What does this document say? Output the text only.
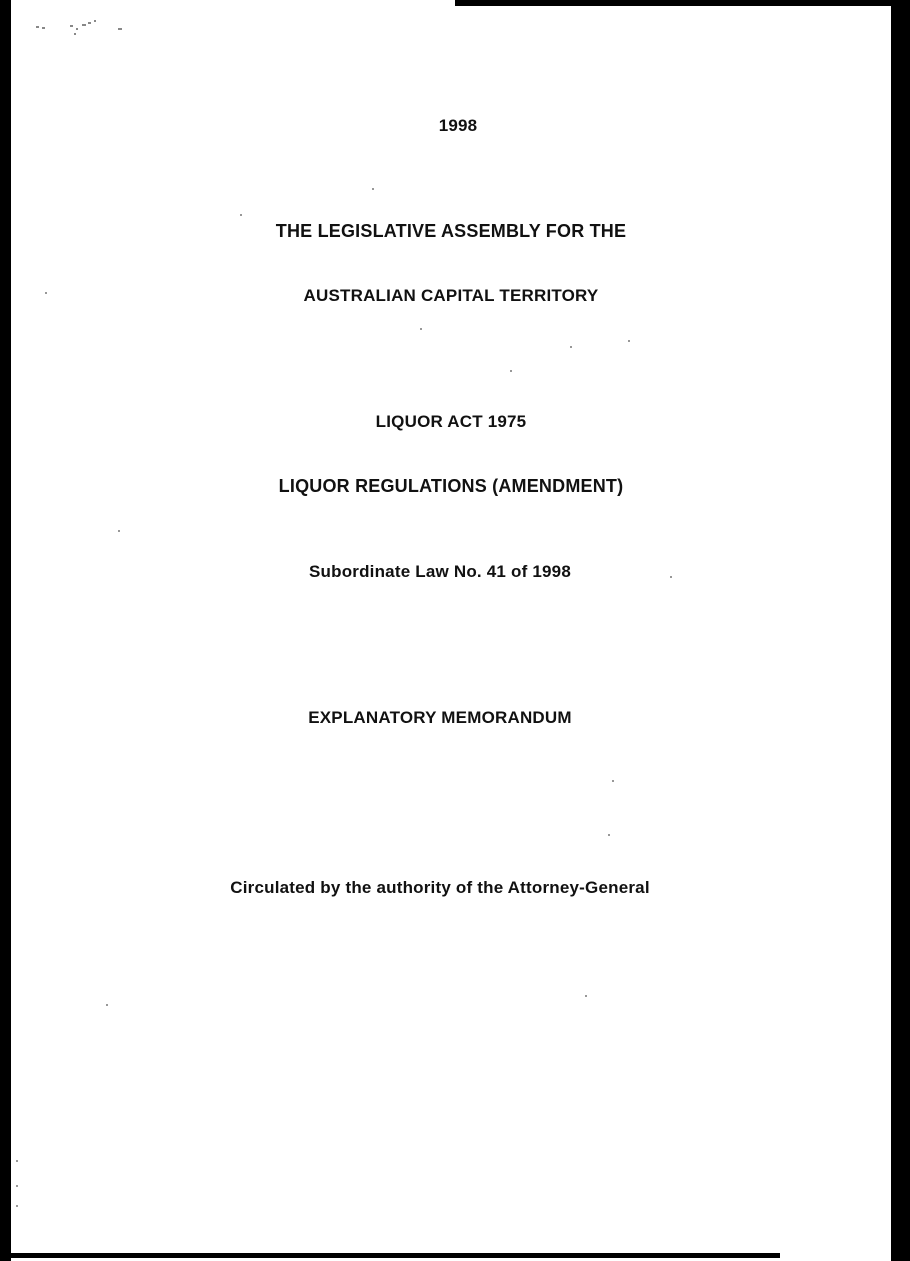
1998
THE LEGISLATIVE ASSEMBLY FOR THE
AUSTRALIAN CAPITAL TERRITORY
LIQUOR ACT 1975
LIQUOR REGULATIONS (AMENDMENT)
Subordinate Law No. 41 of 1998
EXPLANATORY MEMORANDUM
Circulated by the authority of the Attorney-General
